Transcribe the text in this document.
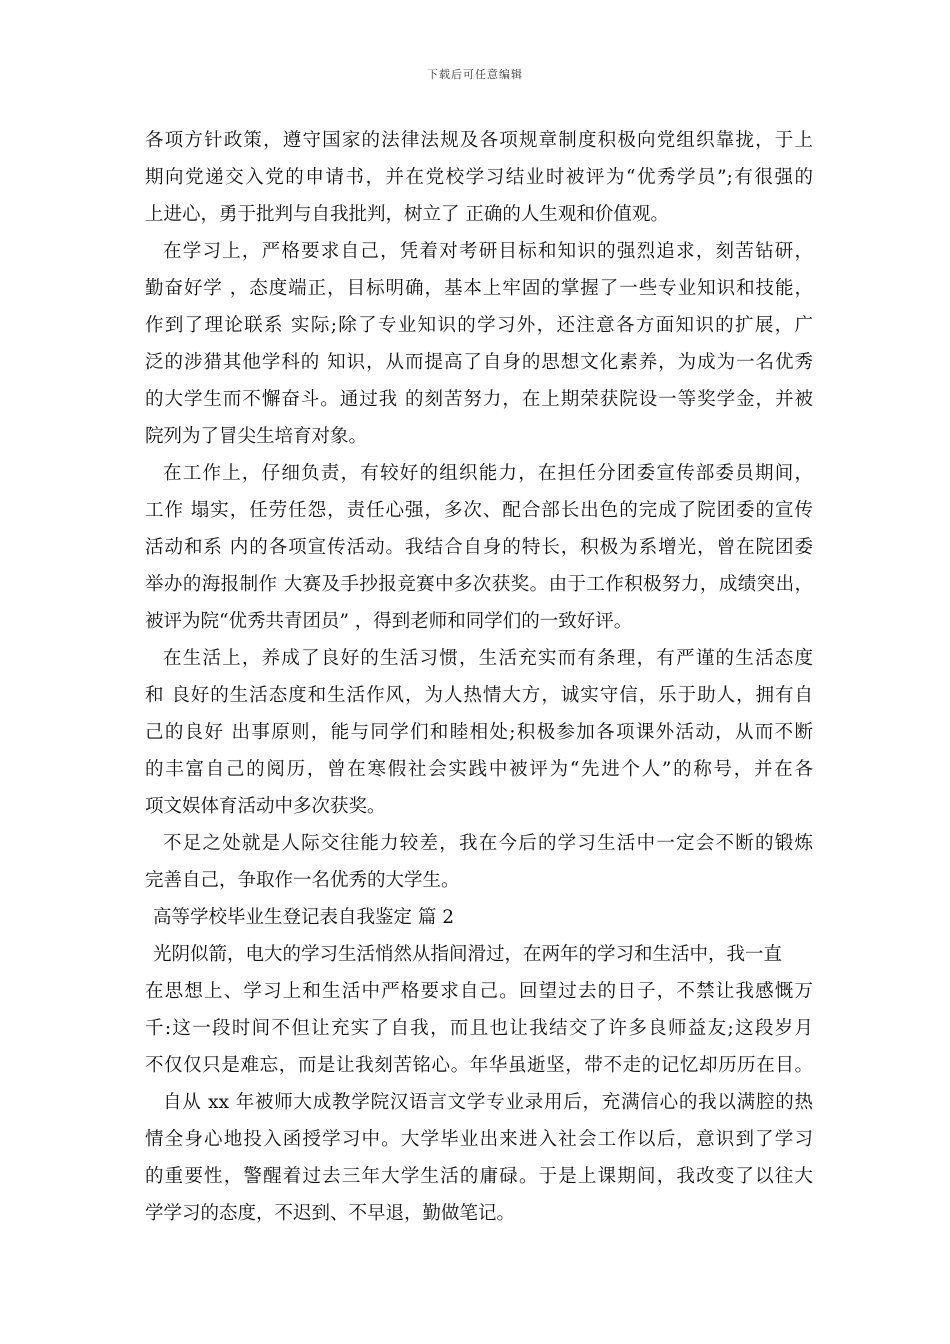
下载后可任意编辑
各项方针政策，遵守国家的法律法规及各项规章制度积极向党组织靠拢，于上
期向党递交入党的申请书，并在党校学习结业时被评为“优秀学员”;有很强的
上进心，勇于批判与自我批判，树立了 正确的人生观和价值观。
在学习上，严格要求自己，凭着对考研目标和知识的强烈追求，刻苦钻研，
勤奋好学 ，态度端正，目标明确，基本上牢固的掌握了一些专业知识和技能，
作到了理论联系 实际;除了专业知识的学习外，还注意各方面知识的扩展，广
泛的涉猎其他学科的 知识，从而提高了自身的思想文化素养，为成为一名优秀
的大学生而不懈奋斗。通过我 的刻苦努力，在上期荣获院设一等奖学金，并被
院列为了冒尖生培育对象。
在工作上，仔细负责，有较好的组织能力，在担任分团委宣传部委员期间，
工作 塌实，任劳任怨，责任心强，多次、配合部长出色的完成了院团委的宣传
活动和系 内的各项宣传活动。我结合自身的特长，积极为系增光，曾在院团委
举办的海报制作 大赛及手抄报竞赛中多次获奖。由于工作积极努力，成绩突出，
被评为院“优秀共青团员” ，得到老师和同学们的一致好评。
在生活上，养成了良好的生活习惯，生活充实而有条理，有严谨的生活态度
和 良好的生活态度和生活作风，为人热情大方，诚实守信，乐于助人，拥有自
己的良好 出事原则，能与同学们和睦相处;积极参加各项课外活动，从而不断
的丰富自己的阅历，曾在寒假社会实践中被评为“先进个人”的称号，并在各
项文娱体育活动中多次获奖。
不足之处就是人际交往能力较差，我在今后的学习生活中一定会不断的锻炼
完善自己，争取作一名优秀的大学生。
高等学校毕业生登记表自我鉴定 篇 2
光阴似箭，电大的学习生活悄然从指间滑过，在两年的学习和生活中，我一直
在思想上、学习上和生活中严格要求自己。回望过去的日子，不禁让我感慨万
千:这一段时间不但让充实了自我，而且也让我结交了许多良师益友;这段岁月
不仅仅只是难忘，而是让我刻苦铭心。年华虽逝坚，带不走的记忆却历历在目。
自从 xx 年被师大成教学院汉语言文学专业录用后，充满信心的我以满腔的热
情全身心地投入函授学习中。大学毕业出来进入社会工作以后，意识到了学习
的重要性，警醒着过去三年大学生活的庸碌。于是上课期间，我改变了以往大
学学习的态度，不迟到、不早退，勤做笔记。
